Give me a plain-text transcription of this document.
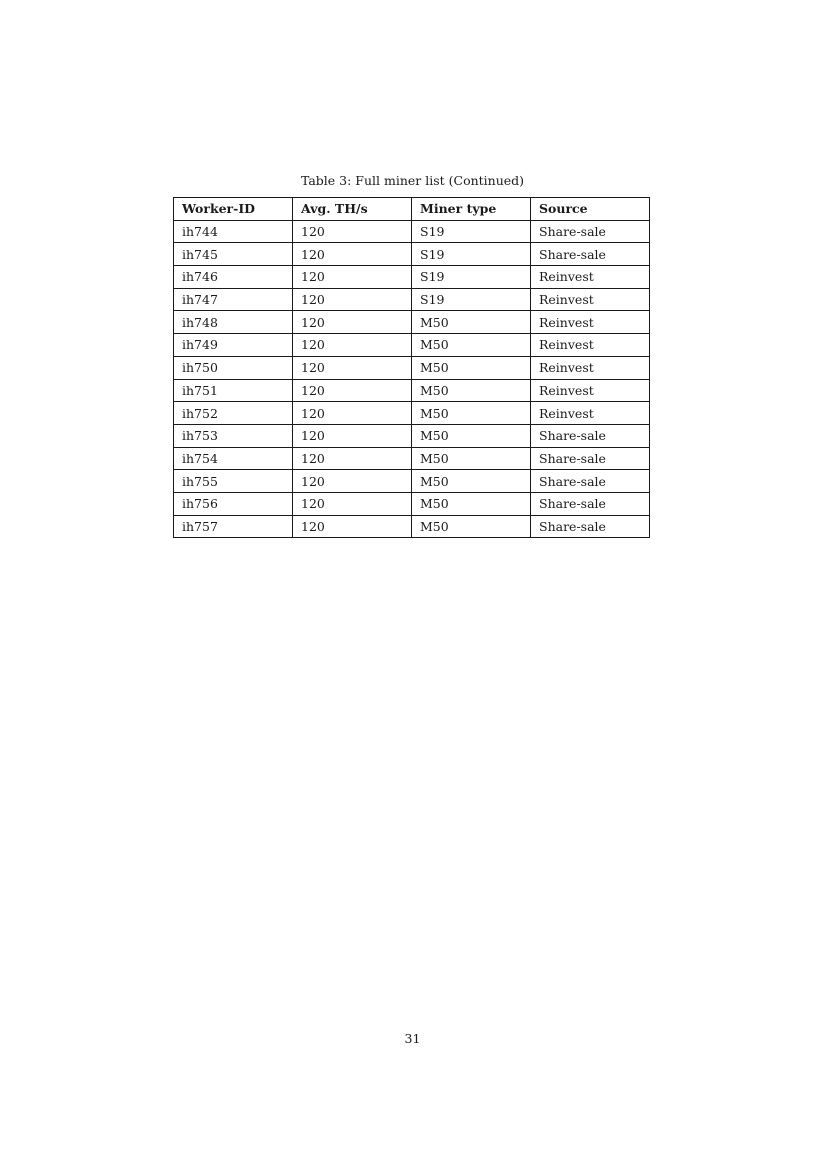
Table 3: Full miner list (Continued)
Worker-ID	Avg. TH/s	Miner type	Source
ih744	120	S19	Share-sale
ih745	120	S19	Share-sale
ih746	120	S19	Reinvest
ih747	120	S19	Reinvest
ih748	120	M50	Reinvest
ih749	120	M50	Reinvest
ih750	120	M50	Reinvest
ih751	120	M50	Reinvest
ih752	120	M50	Reinvest
ih753	120	M50	Share-sale
ih754	120	M50	Share-sale
ih755	120	M50	Share-sale
ih756	120	M50	Share-sale
ih757	120	M50	Share-sale
31
